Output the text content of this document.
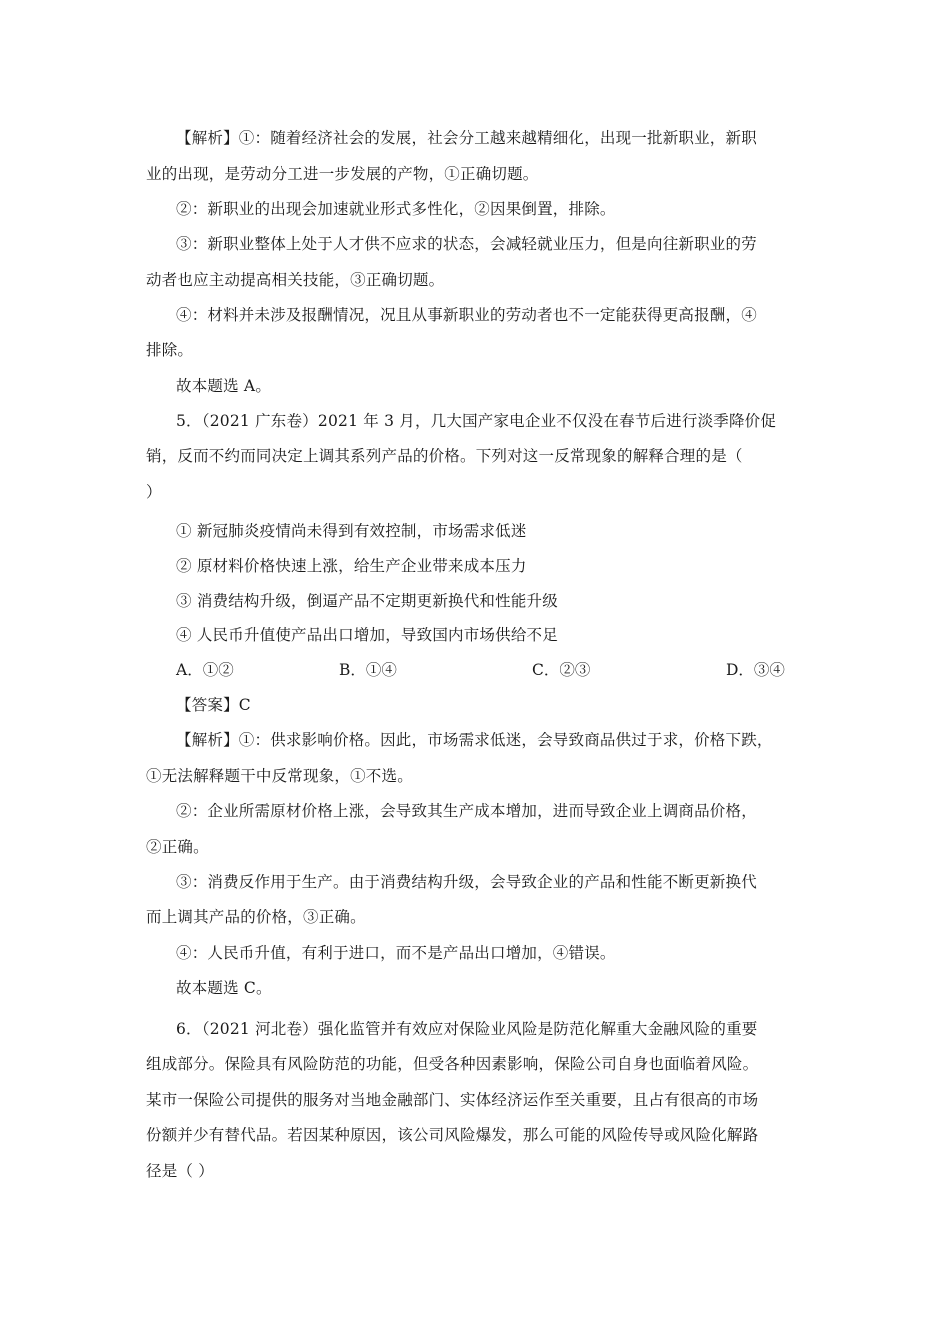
【解析】①：随着经济社会的发展，社会分工越来越精细化，出现一批新职业，新职
业的出现，是劳动分工进一步发展的产物，①正确切题。
②：新职业的出现会加速就业形式多性化，②因果倒置，排除。
③：新职业整体上处于人才供不应求的状态，会减轻就业压力，但是向往新职业的劳
动者也应主动提高相关技能，③正确切题。
④：材料并未涉及报酬情况，况且从事新职业的劳动者也不一定能获得更高报酬，④
排除。
故本题选 A。
5．（2021 广东卷）2021 年 3 月，几大国产家电企业不仅没在春节后进行淡季降价促
销，反而不约而同决定上调其系列产品的价格。下列对这一反常现象的解释合理的是（
）
① 新冠肺炎疫情尚未得到有效控制，市场需求低迷
② 原材料价格快速上涨，给生产企业带来成本压力
③ 消费结构升级，倒逼产品不定期更新换代和性能升级
④ 人民币升值使产品出口增加，导致国内市场供给不足
A．①②	B．①④	C．②③	D．③④
【答案】C
【解析】①：供求影响价格。因此，市场需求低迷，会导致商品供过于求，价格下跌，
①无法解释题干中反常现象，①不选。
②：企业所需原材价格上涨，会导致其生产成本增加，进而导致企业上调商品价格，
②正确。
③：消费反作用于生产。由于消费结构升级，会导致企业的产品和性能不断更新换代
而上调其产品的价格，③正确。
④：人民币升值，有利于进口，而不是产品出口增加，④错误。
故本题选 C。
6．（2021 河北卷）强化监管并有效应对保险业风险是防范化解重大金融风险的重要
组成部分。保险具有风险防范的功能，但受各种因素影响，保险公司自身也面临着风险。
某市一保险公司提供的服务对当地金融部门、实体经济运作至关重要，且占有很高的市场
份额并少有替代品。若因某种原因，该公司风险爆发，那么可能的风险传导或风险化解路
径是（ ）
